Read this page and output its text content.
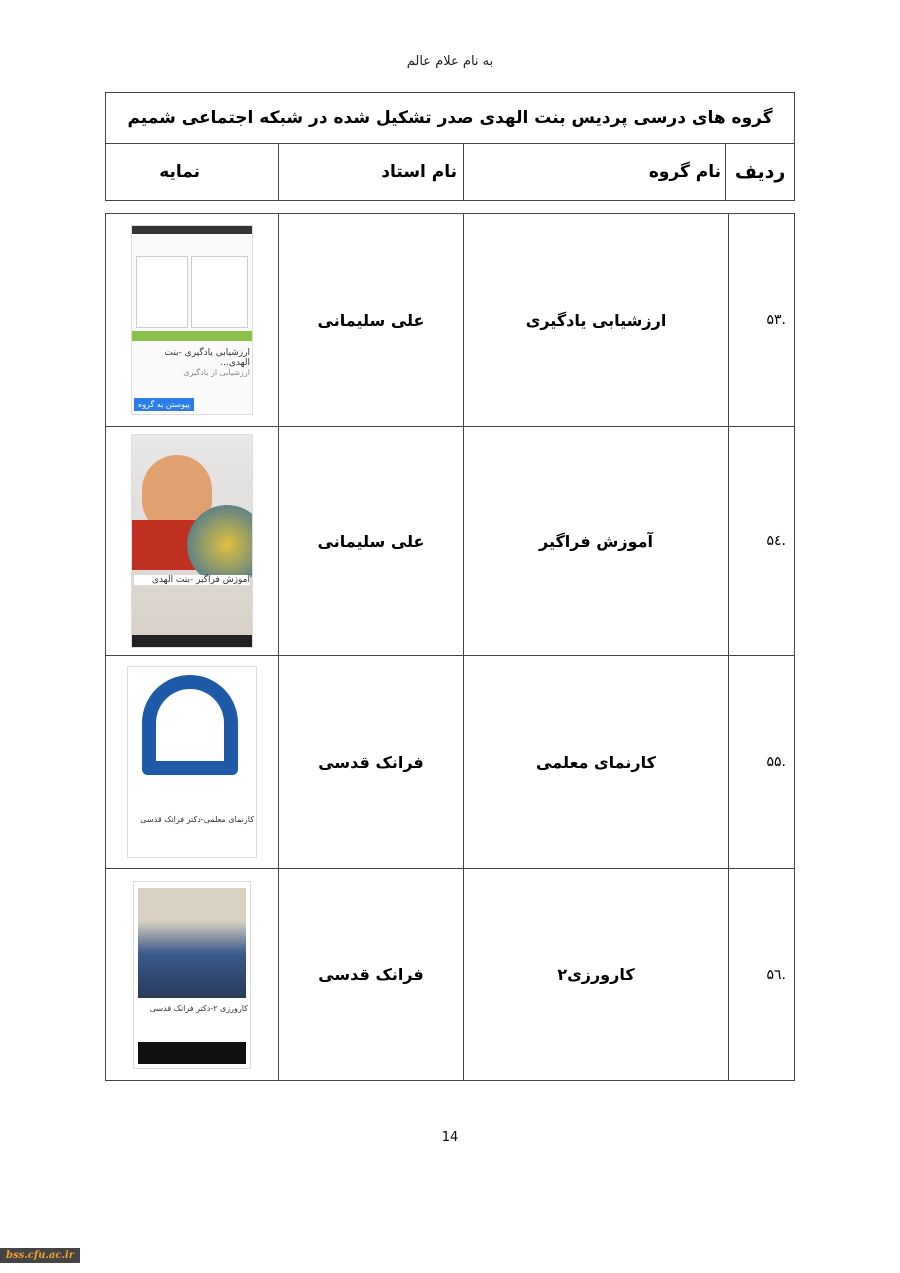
به نام علام عالم
گروه های درسی پردیس بنت الهدی صدر تشکیل شده در شبکه اجتماعی شمیم
ردیف	نام گروه	نام استاد	نمایه
.۵۳	ارزشیابی یادگیری	علی سلیمانی	ارزشیابی یادگیری -بنت الهدی...
ارزشیابی از یادگیری
پیوستن به گروه

.۵٤	آموزش فراگیر	علی سلیمانی	آموزش فراگیر -بنت الهدی

.۵۵	کارنمای معلمی	فرانک قدسی	کارنمای معلمی-دکتر فرانک قدسی

.۵٦	کارورزی۲	فرانک قدسی	کارورزی ۲-دکتر فرانک قدسی
14
bss.cfu.ac.ir
